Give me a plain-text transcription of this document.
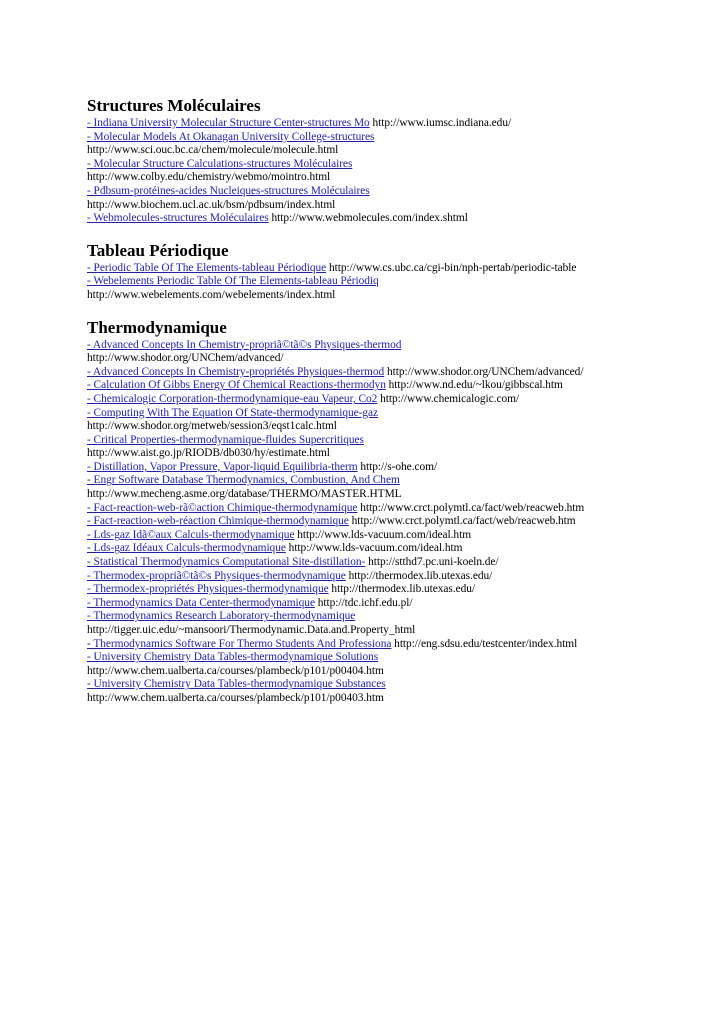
Structures Moléculaires
- Indiana University Molecular Structure Center-structures Mo http://www.iumsc.indiana.edu/
- Molecular Models At Okanagan University College-structures
http://www.sci.ouc.bc.ca/chem/molecule/molecule.html
- Molecular Structure Calculations-structures Moléculaires
http://www.colby.edu/chemistry/webmo/mointro.html
- Pdbsum-protéines-acides Nucleiques-structures Moléculaires
http://www.biochem.ucl.ac.uk/bsm/pdbsum/index.html
- Webmolecules-structures Moléculaires http://www.webmolecules.com/index.shtml
Tableau Périodique
- Periodic Table Of The Elements-tableau Périodique http://www.cs.ubc.ca/cgi-bin/nph-pertab/periodic-table
- Webelements Periodic Table Of The Elements-tableau Périodiq
http://www.webelements.com/webelements/index.html
Thermodynamique
- Advanced Concepts In Chemistry-propriã©tã©s Physiques-thermod
http://www.shodor.org/UNChem/advanced/
- Advanced Concepts In Chemistry-propriétés Physiques-thermod http://www.shodor.org/UNChem/advanced/
- Calculation Of Gibbs Energy Of Chemical Reactions-thermodyn http://www.nd.edu/~lkou/gibbscal.htm
- Chemicalogic Corporation-thermodynamique-eau Vapeur, Co2 http://www.chemicalogic.com/
- Computing With The Equation Of State-thermodynamique-gaz
http://www.shodor.org/metweb/session3/eqst1calc.html
- Critical Properties-thermodynamique-fluides Supercritiques
http://www.aist.go.jp/RIODB/db030/hy/estimate.html
- Distillation, Vapor Pressure, Vapor-liquid Equilibria-therm http://s-ohe.com/
- Engr Software Database Thermodynamics, Combustion, And Chem
http://www.mecheng.asme.org/database/THERMO/MASTER.HTML
- Fact-reaction-web-rã©action Chimique-thermodynamique http://www.crct.polymtl.ca/fact/web/reacweb.htm
- Fact-reaction-web-réaction Chimique-thermodynamique http://www.crct.polymtl.ca/fact/web/reacweb.htm
- Lds-gaz Idã©aux Calculs-thermodynamique http://www.lds-vacuum.com/ideal.htm
- Lds-gaz Idéaux Calculs-thermodynamique http://www.lds-vacuum.com/ideal.htm
- Statistical Thermodynamics Computational Site-distillation- http://stthd7.pc.uni-koeln.de/
- Thermodex-propriã©tã©s Physiques-thermodynamique http://thermodex.lib.utexas.edu/
- Thermodex-propriétés Physiques-thermodynamique http://thermodex.lib.utexas.edu/
- Thermodynamics Data Center-thermodynamique http://tdc.ichf.edu.pl/
- Thermodynamics Research Laboratory-thermodynamique
http://tigger.uic.edu/~mansoori/Thermodynamic.Data.and.Property_html
- Thermodynamics Software For Thermo Students And Professiona http://eng.sdsu.edu/testcenter/index.html
- University Chemistry Data Tables-thermodynamique Solutions
http://www.chem.ualberta.ca/courses/plambeck/p101/p00404.htm
- University Chemistry Data Tables-thermodynamique Substances
http://www.chem.ualberta.ca/courses/plambeck/p101/p00403.htm
